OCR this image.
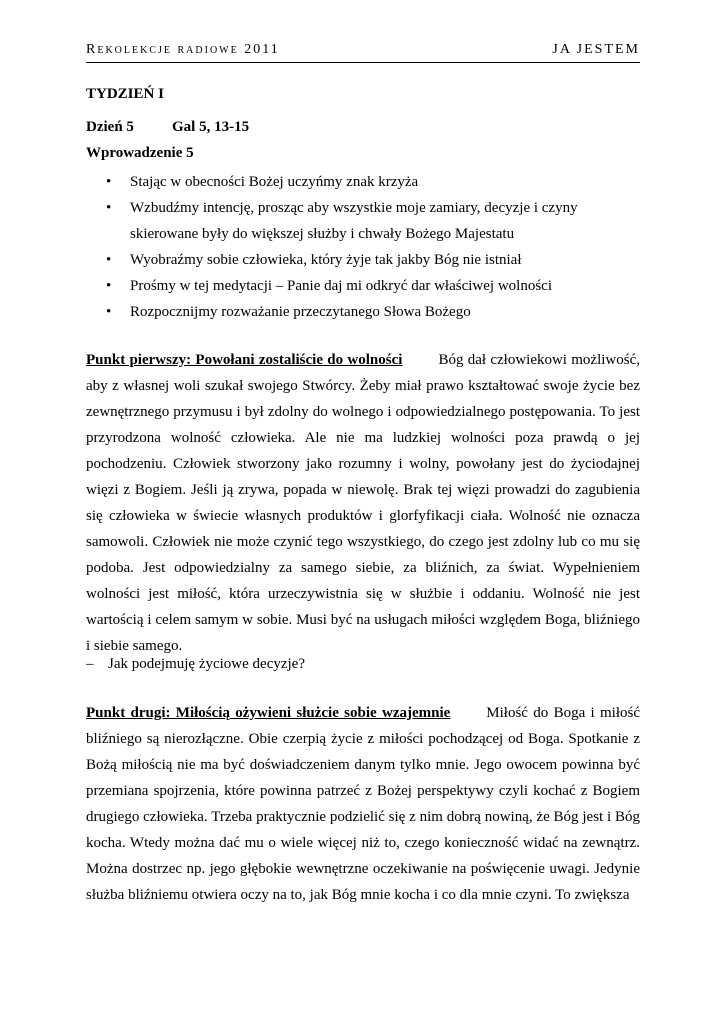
Rekolekcje radiowe 2011	JA JESTEM
TYDZIEŃ I
Dzień 5	Gal 5, 13-15
Wprowadzenie 5
• Stając w obecności Bożej uczyńmy znak krzyża
• Wzbudźmy intencję, prosząc aby wszystkie moje zamiary, decyzje i czyny skierowane były do większej służby i chwały Bożego Majestatu
• Wyobraźmy sobie człowieka, który żyje tak jakby Bóg nie istniał
• Prośmy w tej medytacji – Panie daj mi odkryć dar właściwej wolności
• Rozpocznijmy rozważanie przeczytanego Słowa Bożego
Punkt pierwszy: Powołani zostaliście do wolności Bóg dał człowiekowi możliwość, aby z własnej woli szukał swojego Stwórcy. Żeby miał prawo kształtować swoje życie bez zewnętrznego przymusu i był zdolny do wolnego i odpowiedzialnego postępowania. To jest przyrodzona wolność człowieka. Ale nie ma ludzkiej wolności poza prawdą o jej pochodzeniu. Człowiek stworzony jako rozumny i wolny, powołany jest do życiodajnej więzi z Bogiem. Jeśli ją zrywa, popada w niewolę. Brak tej więzi prowadzi do zagubienia się człowieka w świecie własnych produktów i glorfyfikacji ciała. Wolność nie oznacza samowoli. Człowiek nie może czynić tego wszystkiego, do czego jest zdolny lub co mu się podoba. Jest odpowiedzialny za samego siebie, za bliźnich, za świat. Wypełnieniem wolności jest miłość, która urzeczywistnia się w służbie i oddaniu. Wolność nie jest wartością i celem samym w sobie. Musi być na usługach miłości względem Boga, bliźniego i siebie samego.
– Jak podejmuję życiowe decyzje?
Punkt drugi: Miłością ożywieni służcie sobie wzajemnie Miłość do Boga i miłość bliźniego są nierozłączne. Obie czerpią życie z miłości pochodzącej od Boga. Spotkanie z Bożą miłością nie ma być doświadczeniem danym tylko mnie. Jego owocem powinna być przemiana spojrzenia, które powinna patrzeć z Bożej perspektywy czyli kochać z Bogiem drugiego człowieka. Trzeba praktycznie podzielić się z nim dobrą nowiną, że Bóg jest i Bóg kocha. Wtedy można dać mu o wiele więcej niż to, czego konieczność widać na zewnątrz. Można dostrzec np. jego głębokie wewnętrzne oczekiwanie na poświęcenie uwagi. Jedynie służba bliźniemu otwiera oczy na to, jak Bóg mnie kocha i co dla mnie czyni. To zwiększa
